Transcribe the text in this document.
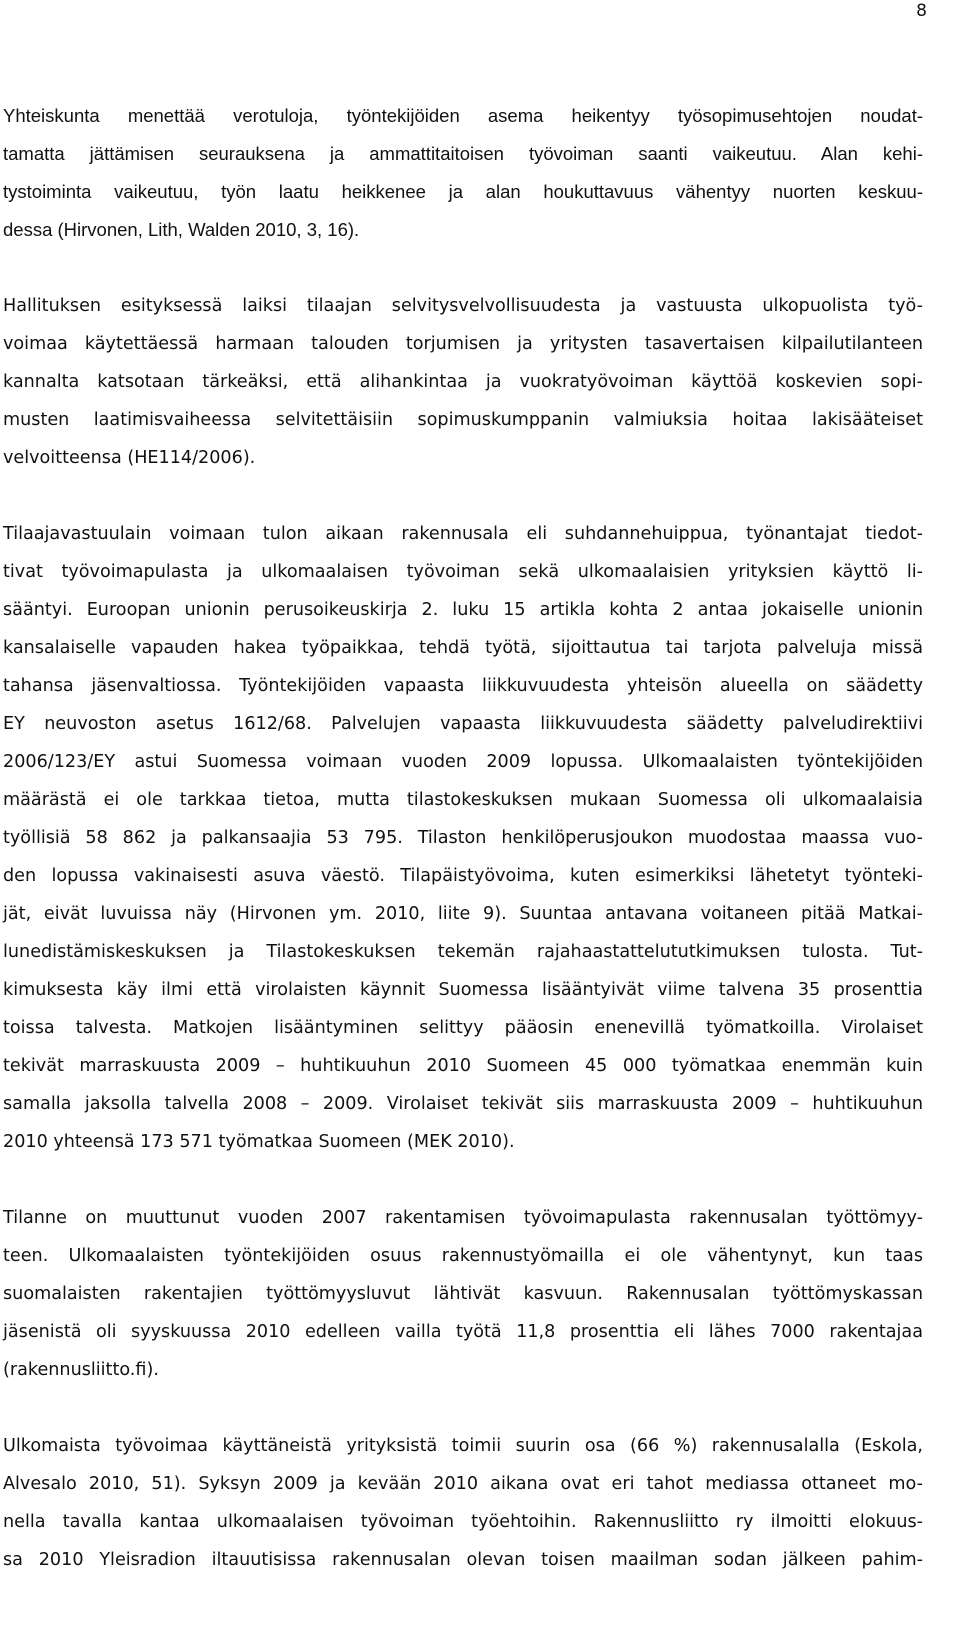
8
Yhteiskunta menettää verotuloja, työntekijöiden asema heikentyy työsopimusehtojen noudat-
tamatta jättämisen seurauksena ja ammattitaitoisen työvoiman saanti vaikeutuu. Alan kehi-
tystoiminta vaikeutuu, työn laatu heikkenee ja alan houkuttavuus vähentyy nuorten keskuu-
dessa (Hirvonen, Lith, Walden 2010, 3, 16).
Hallituksen esityksessä laiksi tilaajan selvitysvelvollisuudesta ja vastuusta ulkopuolista työ-
voimaa käytettäessä harmaan talouden torjumisen ja yritysten tasavertaisen kilpailutilanteen
kannalta katsotaan tärkeäksi, että alihankintaa ja vuokratyövoiman käyttöä koskevien sopi-
musten laatimisvaiheessa selvitettäisiin sopimuskumppanin valmiuksia hoitaa lakisääteiset
velvoitteensa (HE114/2006).
Tilaajavastuulain voimaan tulon aikaan rakennusala eli suhdannehuippua, työnantajat tiedot-
tivat työvoimapulasta ja ulkomaalaisen työvoiman sekä ulkomaalaisien yrityksien käyttö li-
sääntyi. Euroopan unionin perusoikeuskirja 2. luku 15 artikla kohta 2 antaa jokaiselle unionin
kansalaiselle vapauden hakea työpaikkaa, tehdä työtä, sijoittautua tai tarjota palveluja missä
tahansa jäsenvaltiossa. Työntekijöiden vapaasta liikkuvuudesta yhteisön alueella on säädetty
EY neuvoston asetus 1612/68. Palvelujen vapaasta liikkuvuudesta säädetty palveludirektiivi
2006/123/EY astui Suomessa voimaan vuoden 2009 lopussa. Ulkomaalaisten työntekijöiden
määrästä ei ole tarkkaa tietoa, mutta tilastokeskuksen mukaan Suomessa oli ulkomaalaisia
työllisiä 58 862 ja palkansaajia 53 795. Tilaston henkilöperusjoukon muodostaa maassa vuo-
den lopussa vakinaisesti asuva väestö. Tilapäistyövoima, kuten esimerkiksi lähetetyt työnteki-
jät, eivät luvuissa näy (Hirvonen ym. 2010, liite 9). Suuntaa antavana voitaneen pitää Matkai-
lunedistämiskeskuksen ja Tilastokeskuksen tekemän rajahaastattelututkimuksen tulosta. Tut-
kimuksesta käy ilmi että virolaisten käynnit Suomessa lisääntyivät viime talvena 35 prosenttia
toissa talvesta. Matkojen lisääntyminen selittyy pääosin enenevillä työmatkoilla. Virolaiset
tekivät marraskuusta 2009 – huhtikuuhun 2010 Suomeen 45 000 työmatkaa enemmän kuin
samalla jaksolla talvella 2008 – 2009. Virolaiset tekivät siis marraskuusta 2009 – huhtikuuhun
2010 yhteensä 173 571 työmatkaa Suomeen (MEK 2010).
Tilanne on muuttunut vuoden 2007 rakentamisen työvoimapulasta rakennusalan työttömyy-
teen. Ulkomaalaisten työntekijöiden osuus rakennustyömailla ei ole vähentynyt, kun taas
suomalaisten rakentajien työttömyysluvut lähtivät kasvuun. Rakennusalan työttömyskassan
jäsenistä oli syyskuussa 2010 edelleen vailla työtä 11,8 prosenttia eli lähes 7000 rakentajaa
(rakennusliitto.fi).
Ulkomaista työvoimaa käyttäneistä yrityksistä toimii suurin osa (66 %) rakennusalalla (Eskola,
Alvesalo 2010, 51). Syksyn 2009 ja kevään 2010 aikana ovat eri tahot mediassa ottaneet mo-
nella tavalla kantaa ulkomaalaisen työvoiman työehtoihin. Rakennusliitto ry ilmoitti elokuus-
sa 2010 Yleisradion iltauutisissa rakennusalan olevan toisen maailman sodan jälkeen pahim-
